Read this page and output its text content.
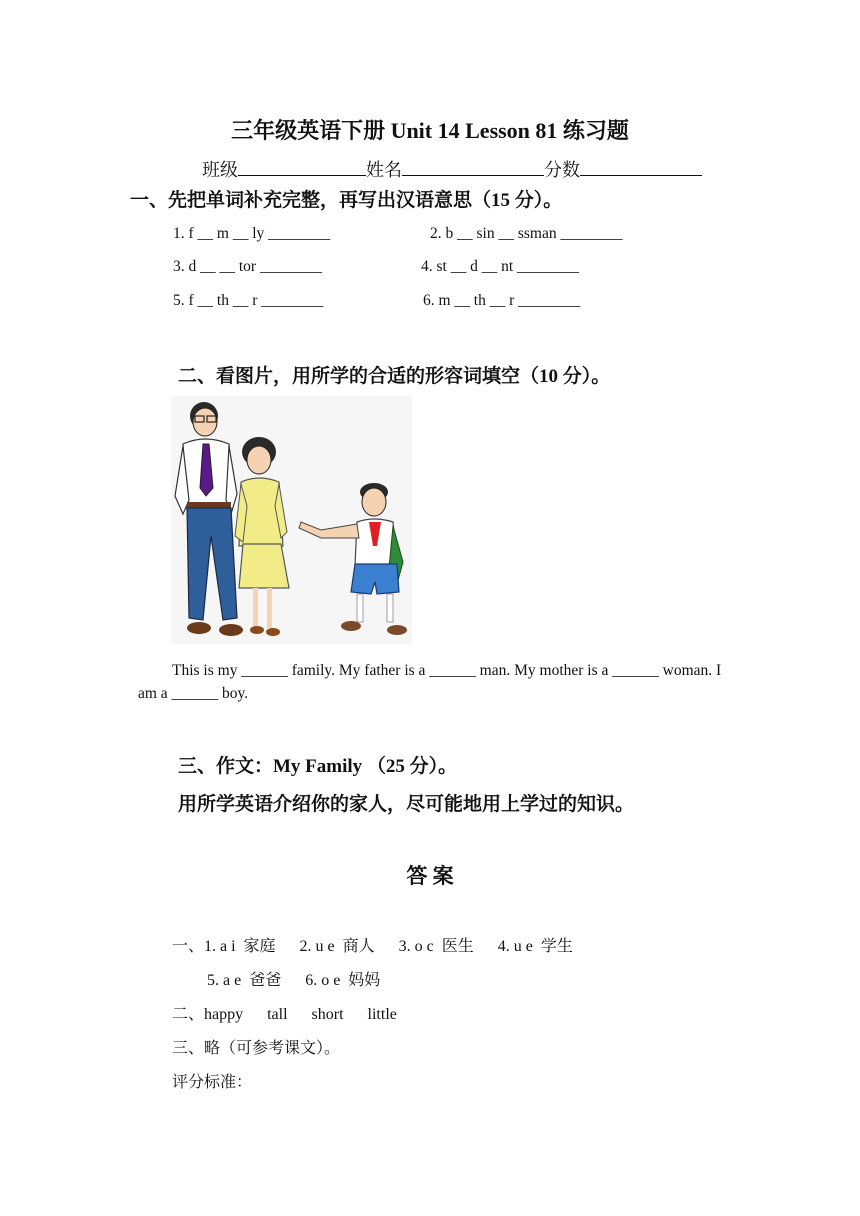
三年级英语下册 Unit 14 Lesson 81 练习题
班级	姓名	分数
一、先把单词补充完整，再写出汉语意思（15 分）。
1. f __ m __ ly ________	2. b __ sin __ ssman ________
3. d __ __ tor ________	4. st __ d __ nt ________
5. f __ th __ r ________	6. m __ th __ r ________
二、看图片，用所学的合适的形容词填空（10 分）。
This is my ______ family. My father is a ______ man. My mother is a ______ woman. I am a ______ boy.
三、作文：My Family （25 分）。
用所学英语介绍你的家人，尽可能地用上学过的知识。
答 案
一、1. a i  家庭      2. u e  商人      3. o c  医生      4. u e  学生
5. a e  爸爸      6. o e  妈妈
二、happy      tall      short      little
三、略（可参考课文）。
评分标准：
